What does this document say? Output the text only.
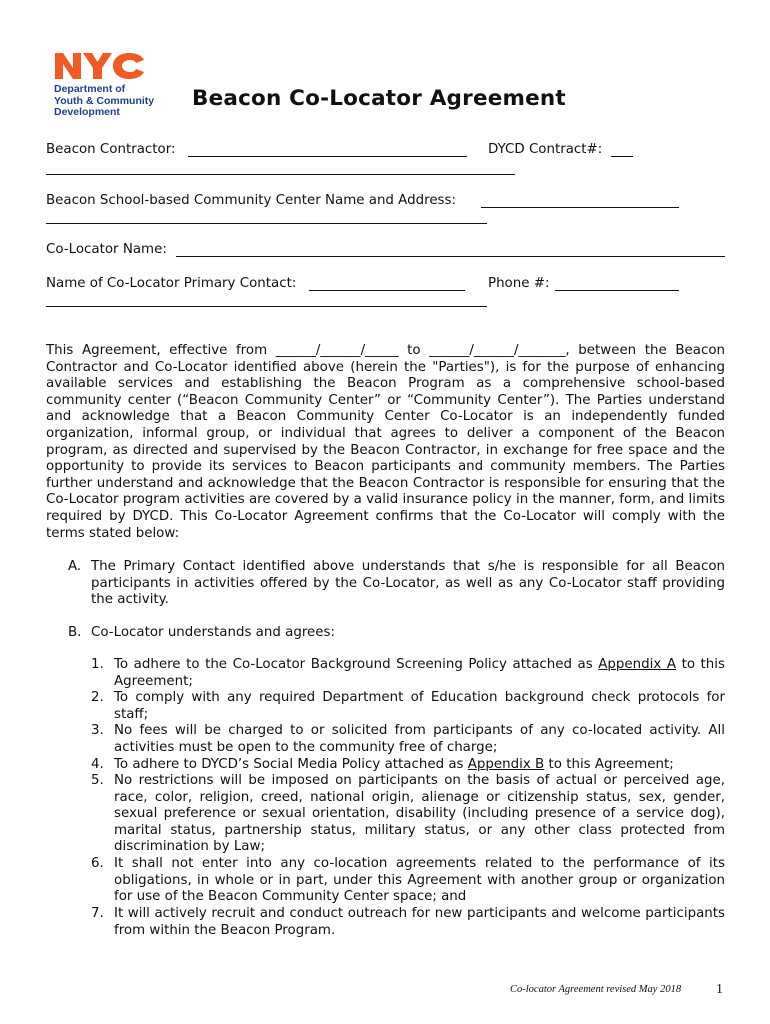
Department of
Youth & Community
Development
Beacon Co-Locator Agreement
Beacon Contractor:	DYCD Contract#:
Beacon School-based Community Center Name and Address:
Co-Locator Name:
Name of Co-Locator Primary Contact:	Phone #:

This Agreement, effective from ______/______/_____ to ______/______/_______, between the Beacon Contractor and Co-Locator identified above (herein the "Parties"), is for the purpose of enhancing available services and establishing the Beacon Program as a comprehensive school-based community center (“Beacon Community Center” or “Community Center”). The Parties understand and acknowledge that a Beacon Community Center Co-Locator is an independently funded organization, informal group, or individual that agrees to deliver a component of the Beacon program, as directed and supervised by the Beacon Contractor, in exchange for free space and the opportunity to provide its services to Beacon participants and community members. The Parties further understand and acknowledge that the Beacon Contractor is responsible for ensuring that the Co-Locator program activities are covered by a valid insurance policy in the manner, form, and limits required by DYCD. This Co-Locator Agreement confirms that the Co-Locator will comply with the terms stated below:

A. The Primary Contact identified above understands that s/he is responsible for all Beacon participants in activities offered by the Co-Locator, as well as any Co-Locator staff providing the activity.

B. Co-Locator understands and agrees:

1. To adhere to the Co-Locator Background Screening Policy attached as Appendix A to this Agreement;

2. To comply with any required Department of Education background check protocols for staff;

3. No fees will be charged to or solicited from participants of any co-located activity. All activities must be open to the community free of charge;

4. To adhere to DYCD’s Social Media Policy attached as Appendix B to this Agreement;

5. No restrictions will be imposed on participants on the basis of actual or perceived age, race, color, religion, creed, national origin, alienage or citizenship status, sex, gender, sexual preference or sexual orientation, disability (including presence of a service dog), marital status, partnership status, military status, or any other class protected from discrimination by Law;

6. It shall not enter into any co-location agreements related to the performance of its obligations, in whole or in part, under this Agreement with another group or organization for use of the Beacon Community Center space; and

7. It will actively recruit and conduct outreach for new participants and welcome participants from within the Beacon Program.

Co-locator Agreement revised May 2018 1
